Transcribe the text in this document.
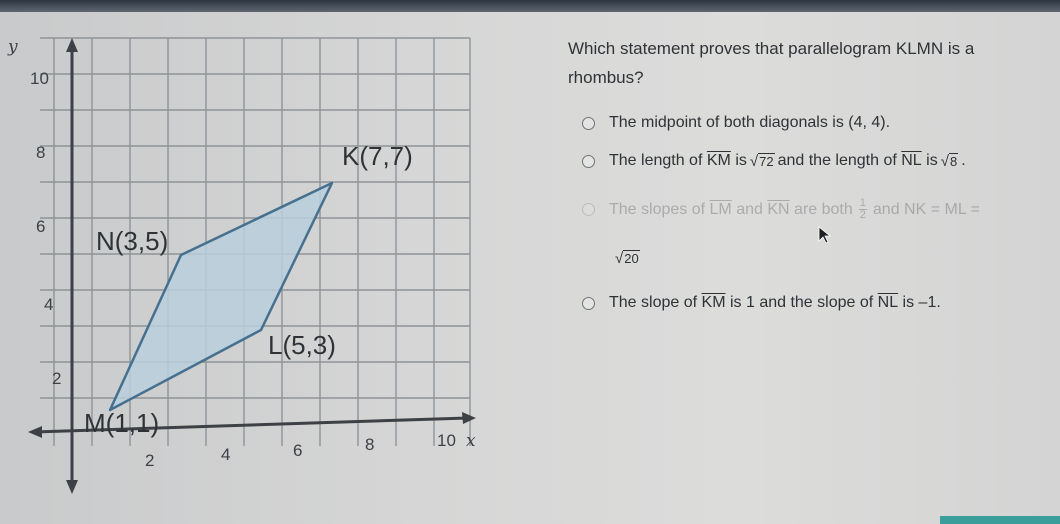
y
10
8
6
4
2
2	4	6	8	10 x
K(7,7)
N(3,5)
L(5,3)
M(1,1)
Which statement proves that parallelogram KLMN is a rhombus?
The midpoint of both diagonals is (4, 4).
The length of
$\overline{KM}$
is √ 72 and the length of
$\overline{NL}$
is √ 8 .
The slopes of
$\overline{LM}$
and
$\overline{KN}$
are both $\frac{1}{2}$ and NK = ML =
√ 20
The slope of
$\overline{KM}$
is 1 and the slope of
$\overline{NL}$
is –1.
